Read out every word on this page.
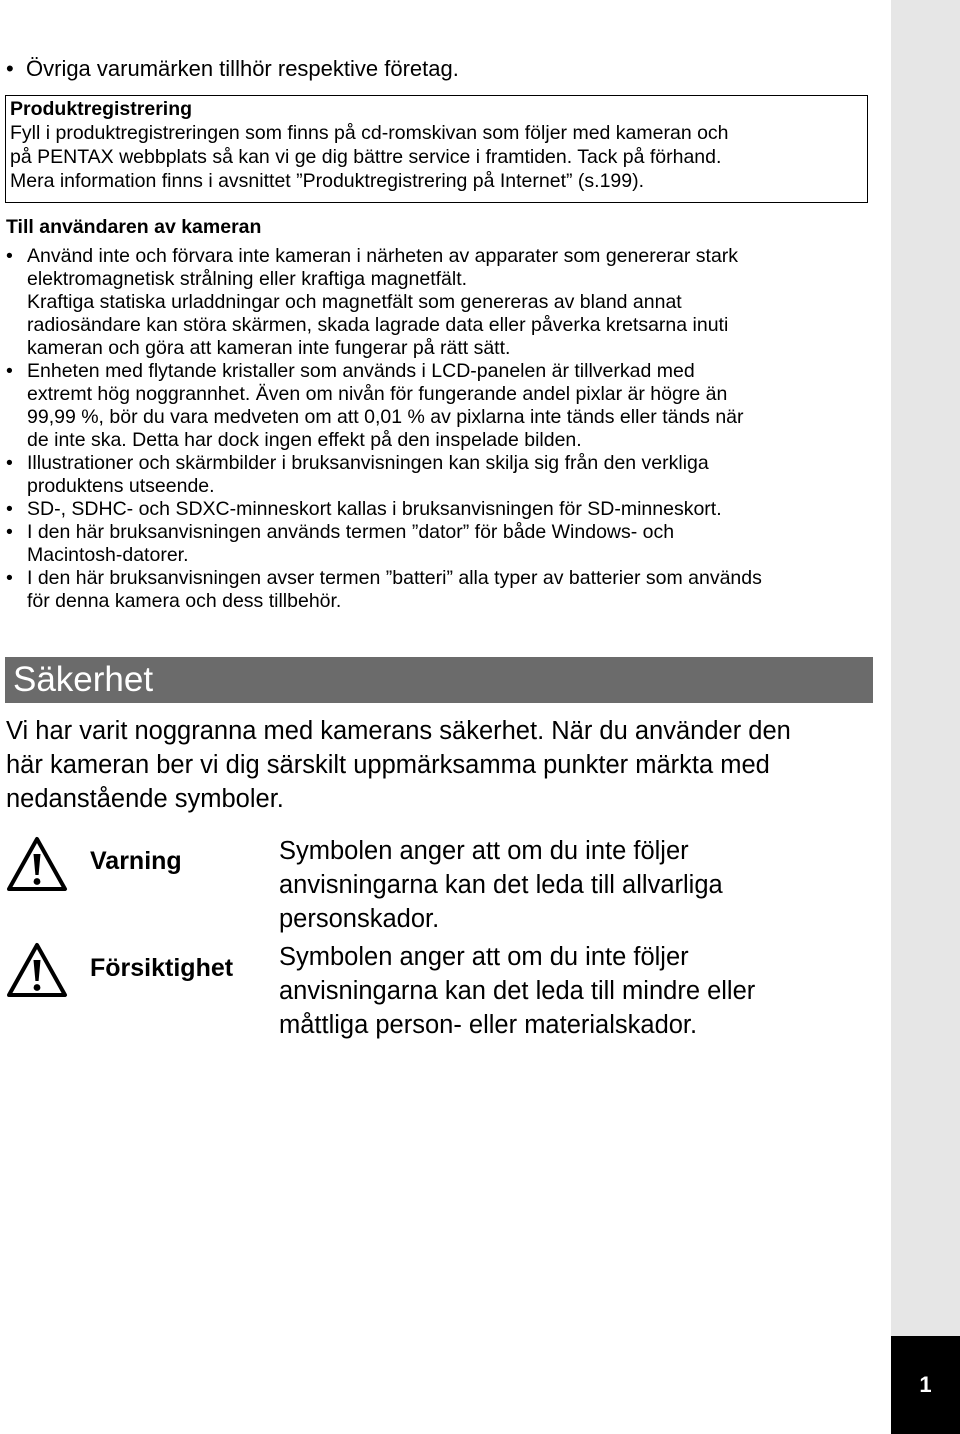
1
• Övriga varumärken tillhör respektive företag.
Produktregistrering
Fyll i produktregistreringen som finns på cd-romskivan som följer med kameran och
på PENTAX webbplats så kan vi ge dig bättre service i framtiden. Tack på förhand.
Mera information finns i avsnittet ”Produktregistrering på Internet” (s.199).
Till användaren av kameran
• Använd inte och förvara inte kameran i närheten av apparater som genererar stark
elektromagnetisk strålning eller kraftiga magnetfält.
Kraftiga statiska urladdningar och magnetfält som genereras av bland annat
radiosändare kan störa skärmen, skada lagrade data eller påverka kretsarna inuti
kameran och göra att kameran inte fungerar på rätt sätt.
• Enheten med flytande kristaller som används i LCD-panelen är tillverkad med
extremt hög noggrannhet. Även om nivån för fungerande andel pixlar är högre än
99,99 %, bör du vara medveten om att 0,01 % av pixlarna inte tänds eller tänds när
de inte ska. Detta har dock ingen effekt på den inspelade bilden.
• Illustrationer och skärmbilder i bruksanvisningen kan skilja sig från den verkliga
produktens utseende.
• SD-, SDHC- och SDXC-minneskort kallas i bruksanvisningen för SD-minneskort.
• I den här bruksanvisningen används termen ”dator” för både Windows- och
Macintosh-datorer.
• I den här bruksanvisningen avser termen ”batteri” alla typer av batterier som används
för denna kamera och dess tillbehör.
Säkerhet
Vi har varit noggranna med kamerans säkerhet. När du använder den
här kameran ber vi dig särskilt uppmärksamma punkter märkta med
nedanstående symboler.
Varning	Symbolen anger att om du inte följer
anvisningarna kan det leda till allvarliga
personskador.
Försiktighet Symbolen anger att om du inte följer
anvisningarna kan det leda till mindre eller
måttliga person- eller materialskador.
